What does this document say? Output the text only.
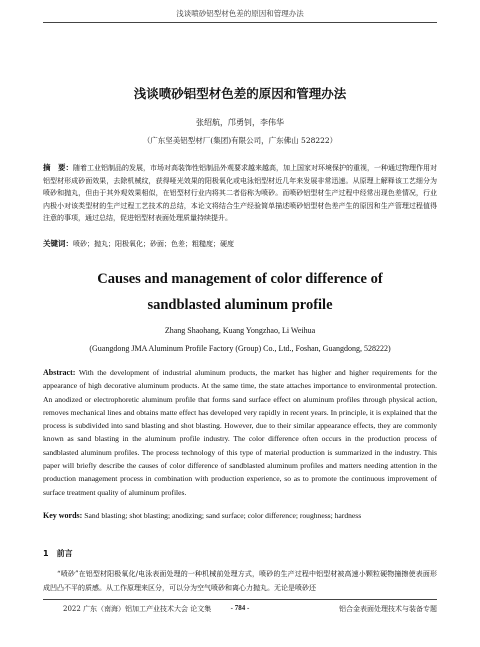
浅谈喷砂铝型材色差的原因和管理办法
浅谈喷砂铝型材色差的原因和管理办法
张绍航，邝勇钊，李伟华
（广东坚美铝型材厂(集团)有限公司，广东佛山 528222）
摘　要：随着工业铝制品的发展，市场对高装饰性铝制品外观要求越来越高，加上国家对环境保护的重视，一种通过物理作用对铝型材形成砂面效果，去除机械纹，获得哑光效果的阳极氧化或电泳铝型材近几年来发展非常迅速。从原理上解释该工艺细分为喷砂和抛丸，但由于其外观效果相似，在铝型材行业内将其二者俗称为喷砂。而喷砂铝型材生产过程中经常出现色差情况，行业内极小对该类型材的生产过程工艺技术的总结，本论文将结合生产经验简单描述喷砂铝型材色差产生的原因和生产管理过程值得注意的事项，通过总结，促进铝型材表面处理质量持续提升。
关键词：喷砂；抛丸；阳极氧化；砂面；色差；粗糙度；硬度
Causes and management of color difference of sandblasted aluminum profile
Zhang Shaohang, Kuang Yongzhao, Li Weihua
(Guangdong JMA Aluminum Profile Factory (Group) Co., Ltd., Foshan, Guangdong, 528222)
Abstract: With the development of industrial aluminum products, the market has higher and higher requirements for the appearance of high decorative aluminum products. At the same time, the state attaches importance to environmental protection. An anodized or electrophoretic aluminum profile that forms sand surface effect on aluminum profiles through physical action, removes mechanical lines and obtains matte effect has developed very rapidly in recent years. In principle, it is explained that the process is subdivided into sand blasting and shot blasting. However, due to their similar appearance effects, they are commonly known as sand blasting in the aluminum profile industry. The color difference often occurs in the production process of sandblasted aluminum profiles. The process technology of this type of material production is summarized in the industry. This paper will briefly describe the causes of color difference of sandblasted aluminum profiles and matters needing attention in the production management process in combination with production experience, so as to promote the continuous improvement of surface treatment quality of aluminum profiles.
Key words: Sand blasting; shot blasting; anodizing; sand surface; color difference; roughness; hardness
1 前言
“喷砂”在铝型材阳极氧化/电泳表面处理的一种机械前处理方式，喷砂的生产过程中铝型材被高速小颗粒硬物撞擦使表面形成凹凸不平的质感。从工作原理来区分，可以分为空气喷砂和离心力抛丸。无论是喷砂还
2022 广东（南海）铝加工产业技术大会 论文集	- 784 -	铝合金表面处理技术与装备专题
